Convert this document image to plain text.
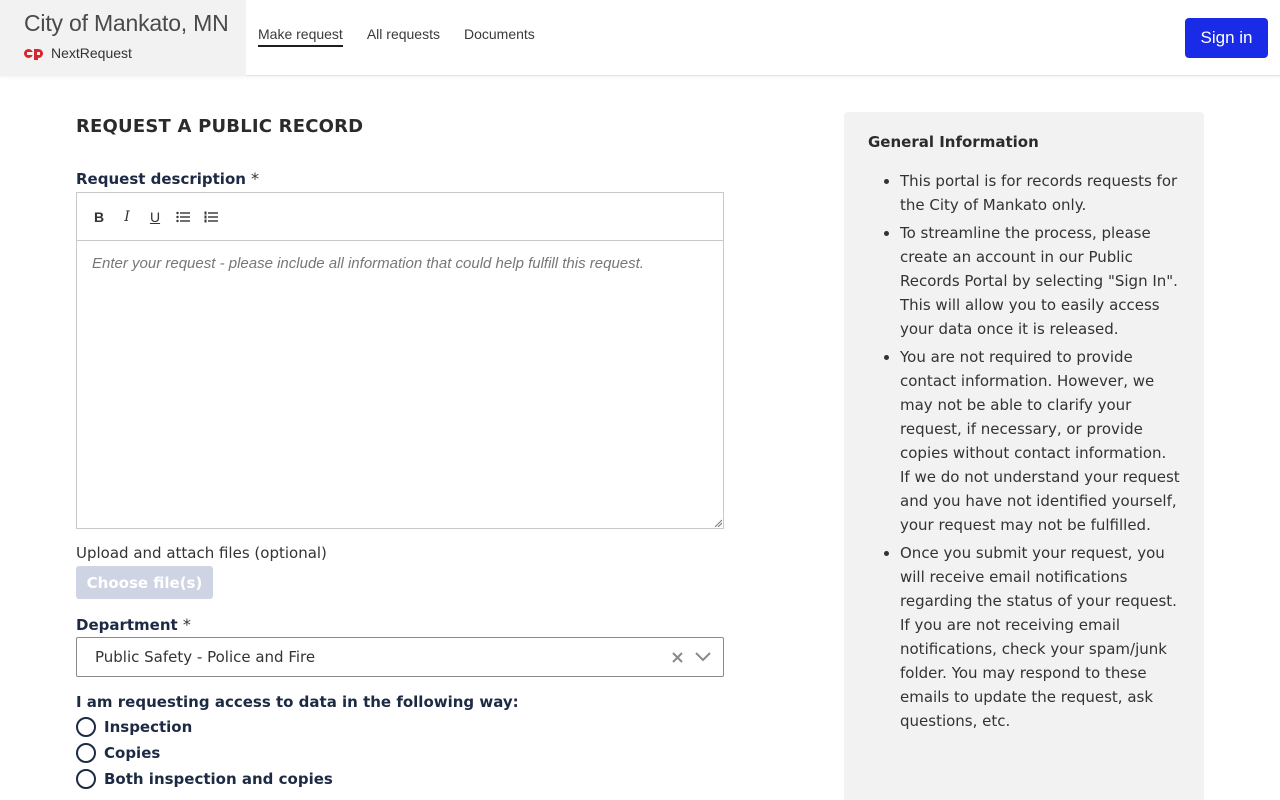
City of Mankato, MN
NextRequest
Make request All requests Documents	Sign in
REQUEST A PUBLIC RECORD
Request description *
B	I	U
Enter your request - please include all information that could help fulfill this request.
Upload and attach files (optional)
Choose file(s)
Department *
Public Safety - Police and Fire
I am requesting access to data in the following way:
Inspection
Copies
Both inspection and copies
General Information
• This portal is for records requests for the City of Mankato only.
• To streamline the process, please create an account in our Public Records Portal by selecting "Sign In". This will allow you to easily access your data once it is released.
• You are not required to provide contact information. However, we may not be able to clarify your request, if necessary, or provide copies without contact information. If we do not understand your request and you have not identified yourself, your request may not be fulfilled.
• Once you submit your request, you will receive email notifications regarding the status of your request. If you are not receiving email notifications, check your spam/junk folder. You may respond to these emails to update the request, ask questions, etc.
